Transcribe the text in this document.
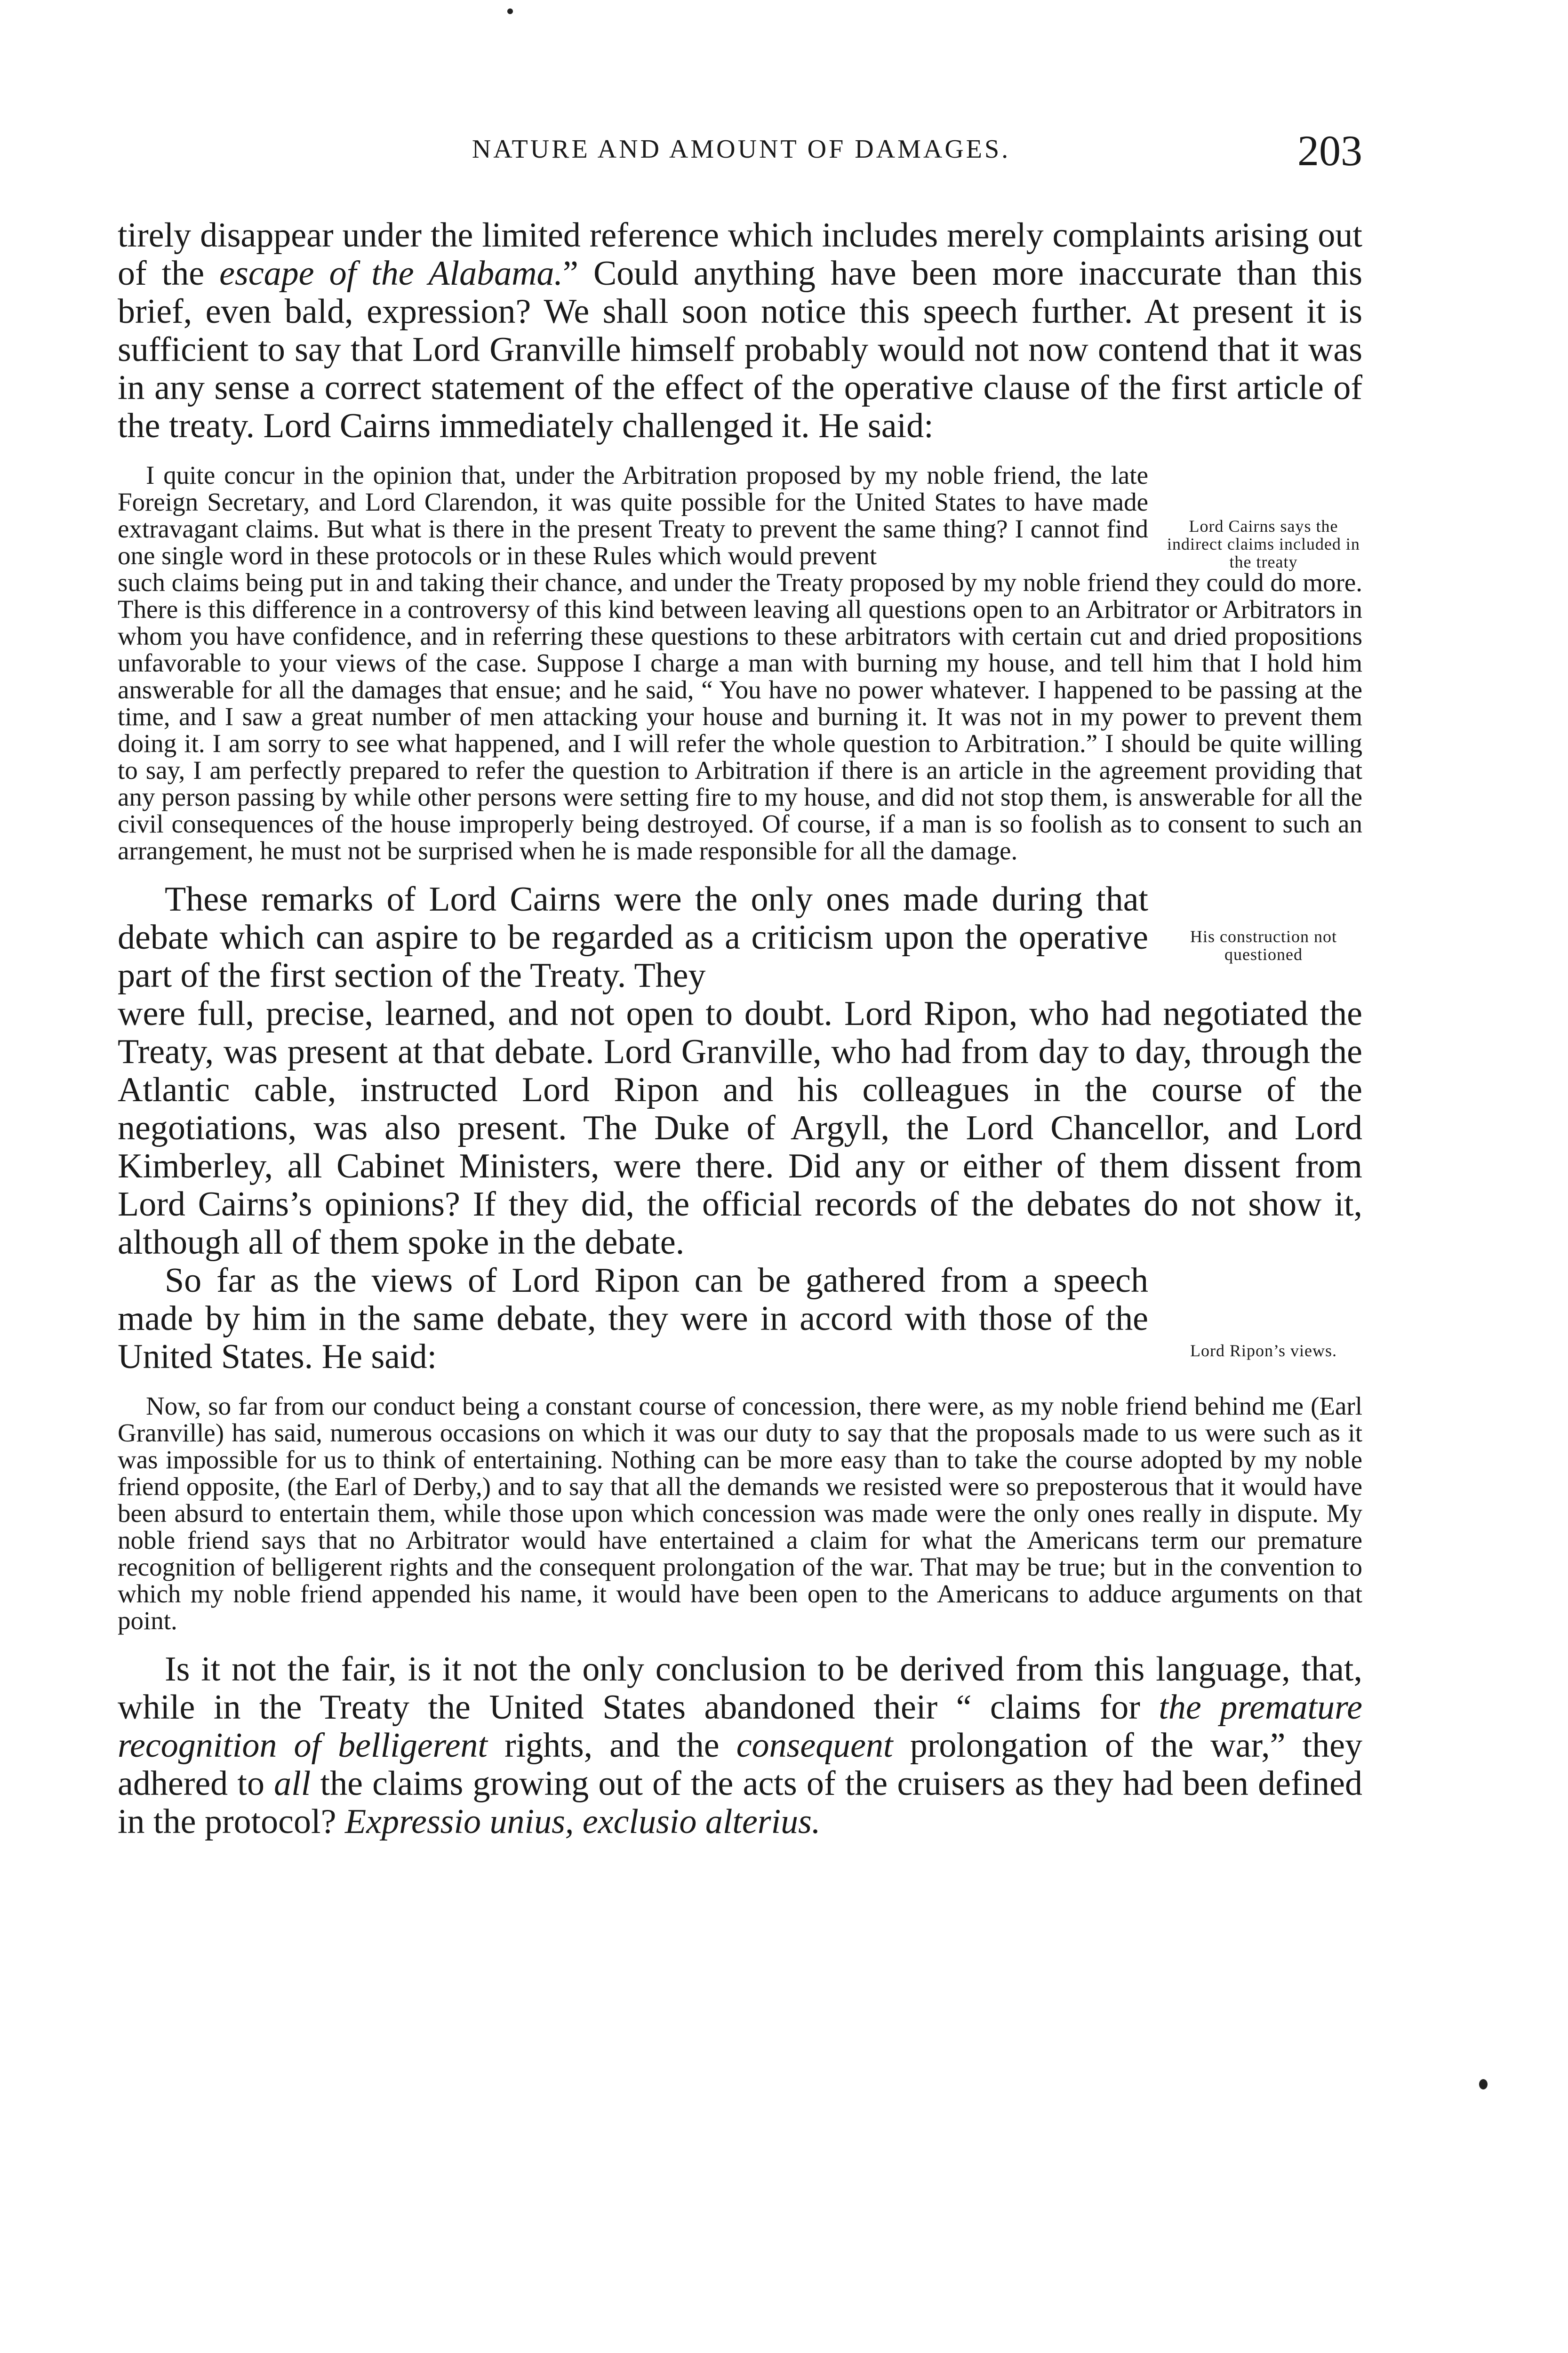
NATURE AND AMOUNT OF DAMAGES.	203

tirely disappear under the limited reference which includes merely complaints arising out of the escape of the Alabama.” Could anything have been more inaccurate than this brief, even bald, expression? We shall soon notice this speech further. At present it is sufficient to say that Lord Granville himself probably would not now contend that it was in any sense a correct statement of the effect of the operative clause of the first article of the treaty. Lord Cairns immediately challenged it. He said:

I quite concur in the opinion that, under the Arbitration proposed by my noble friend, the late Foreign Secretary, and Lord Clarendon, it was quite possible for the United States to have made extravagant claims. But what is there in the present Treaty to prevent the same thing? I cannot find one single word in these protocols or in these Rules which would prevent
Lord Cairns says the indirect claims included in the treaty
such claims being put in and taking their chance, and under the Treaty proposed by my noble friend they could do more. There is this difference in a controversy of this kind between leaving all questions open to an Arbitrator or Arbitrators in whom you have confidence, and in referring these questions to these arbitrators with certain cut and dried propositions unfavorable to your views of the case. Suppose I charge a man with burning my house, and tell him that I hold him answerable for all the damages that ensue; and he said, “ You have no power whatever. I happened to be passing at the time, and I saw a great number of men attacking your house and burning it. It was not in my power to prevent them doing it. I am sorry to see what happened, and I will refer the whole question to Arbitration.” I should be quite willing to say, I am perfectly prepared to refer the question to Arbitration if there is an article in the agreement providing that any person passing by while other persons were setting fire to my house, and did not stop them, is answerable for all the civil consequences of the house improperly being destroyed. Of course, if a man is so foolish as to consent to such an arrangement, he must not be surprised when he is made responsible for all the damage.
These remarks of Lord Cairns were the only ones made during that debate which can aspire to be regarded as a criticism upon the operative part of the first section of the Treaty. They
His construction not questioned
were full, precise, learned, and not open to doubt. Lord Ripon, who had negotiated the Treaty, was present at that debate. Lord Granville, who had from day to day, through the Atlantic cable, instructed Lord Ripon and his colleagues in the course of the negotiations, was also present. The Duke of Argyll, the Lord Chancellor, and Lord Kimberley, all Cabinet Ministers, were there. Did any or either of them dissent from Lord Cairns’s opinions? If they did, the official records of the debates do not show it, although all of them spoke in the debate.
So far as the views of Lord Ripon can be gathered from a speech made by him in the same debate, they were in accord with those of the United States. He said:	Lord Ripon’s views.
Now, so far from our conduct being a constant course of concession, there were, as my noble friend behind me (Earl Granville) has said, numerous occasions on which it was our duty to say that the proposals made to us were such as it was impossible for us to think of entertaining. Nothing can be more easy than to take the course adopted by my noble friend opposite, (the Earl of Derby,) and to say that all the demands we resisted were so preposterous that it would have been absurd to entertain them, while those upon which concession was made were the only ones really in dispute. My noble friend says that no Arbitrator would have entertained a claim for what the Americans term our premature recognition of belligerent rights and the consequent prolongation of the war. That may be true; but in the convention to which my noble friend appended his name, it would have been open to the Americans to adduce arguments on that point.

Is it not the fair, is it not the only conclusion to be derived from this language, that, while in the Treaty the United States abandoned their “ claims for the premature recognition of belligerent rights, and the consequent prolongation of the war,” they adhered to all the claims growing out of the acts of the cruisers as they had been defined in the protocol? Expressio unius, exclusio alterius.
